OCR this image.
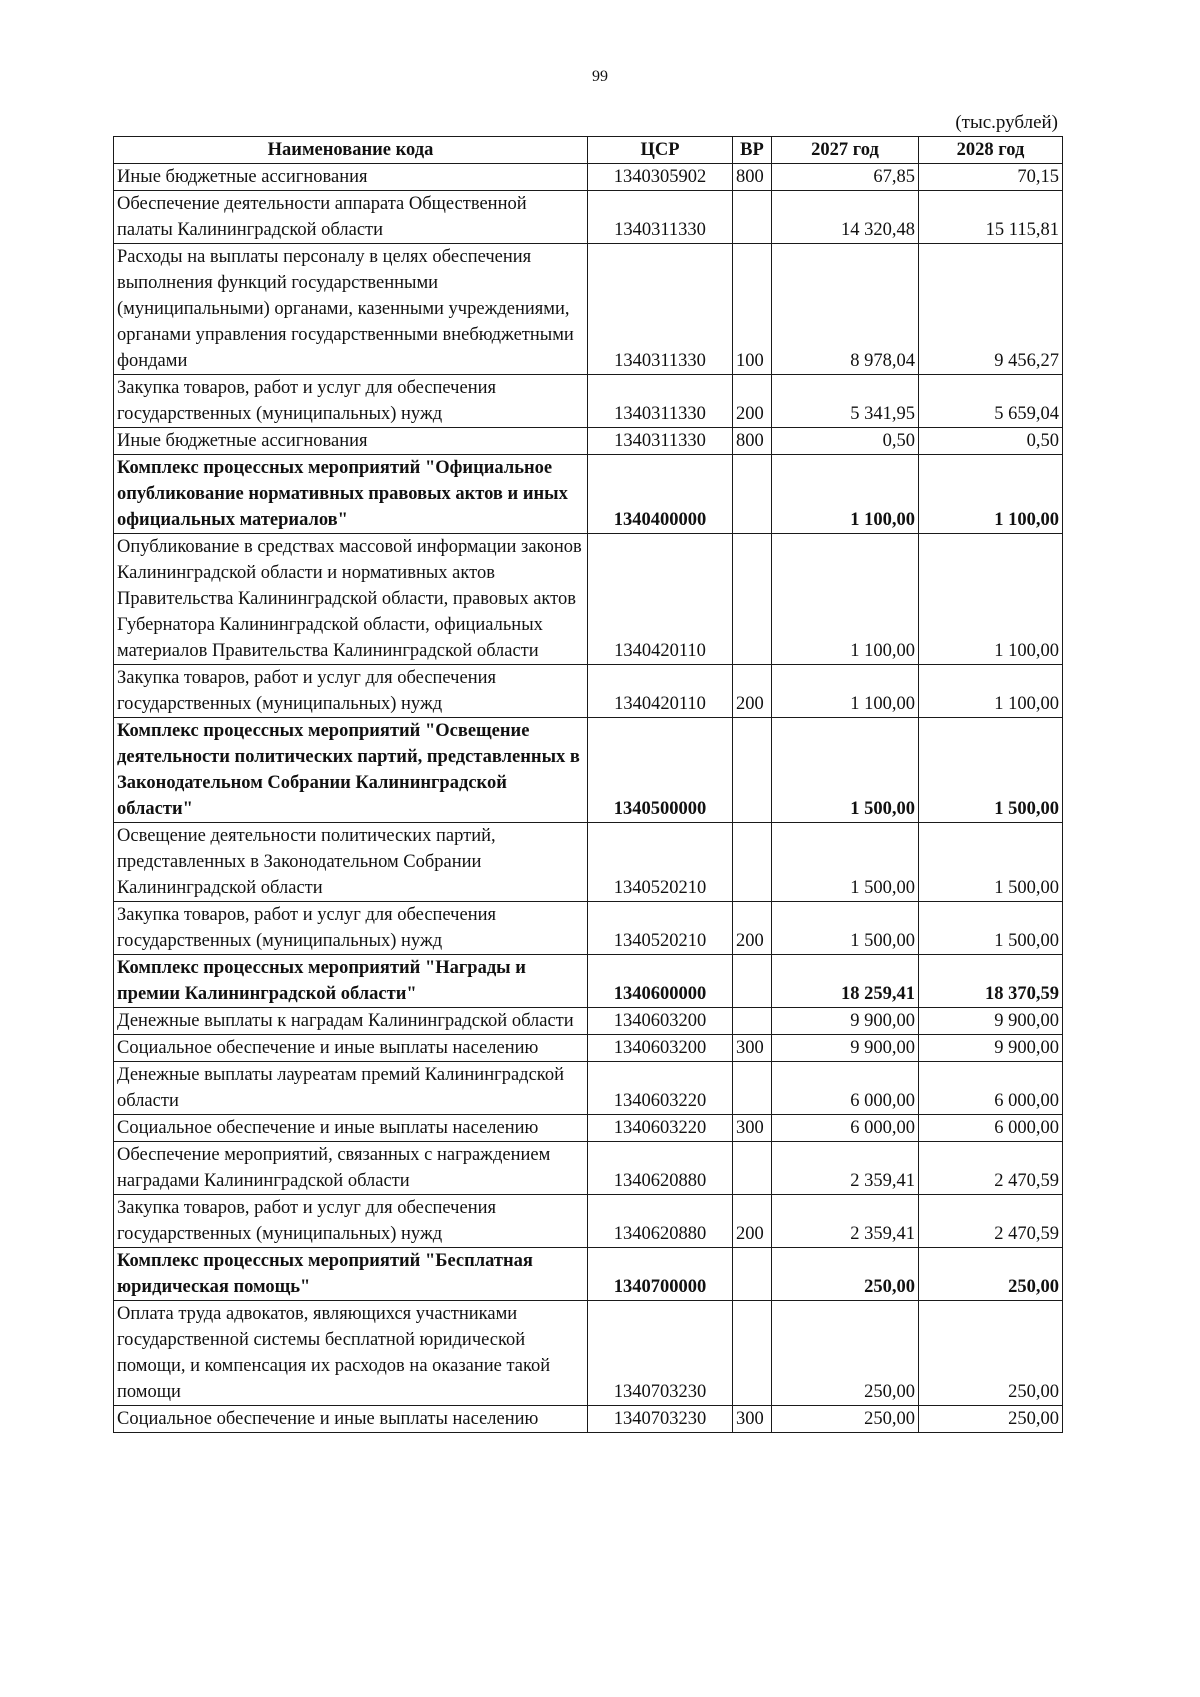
99
(тыс.рублей)
Наименование кода	ЦСР	ВР	2027 год	2028 год
Иные бюджетные ассигнования	1340305902	800	67,85	70,15
Обеспечение деятельности аппарата Общественной палаты Калининградской области	1340311330		14 320,48	15 115,81
Расходы на выплаты персоналу в целях обеспечения выполнения функций государственными (муниципальными) органами, казенными учреждениями, органами управления государственными внебюджетными фондами	1340311330	100	8 978,04	9 456,27
Закупка товаров, работ и услуг для обеспечения государственных (муниципальных) нужд	1340311330	200	5 341,95	5 659,04
Иные бюджетные ассигнования	1340311330	800	0,50	0,50
Комплекс процессных мероприятий "Официальное опубликование нормативных правовых актов и иных официальных материалов"	1340400000		1 100,00	1 100,00
Опубликование в средствах массовой информации законов Калининградской области и нормативных актов Правительства Калининградской области, правовых актов Губернатора Калининградской области, официальных материалов Правительства Калининградской области	1340420110		1 100,00	1 100,00
Закупка товаров, работ и услуг для обеспечения государственных (муниципальных) нужд	1340420110	200	1 100,00	1 100,00
Комплекс процессных мероприятий "Освещение деятельности политических партий, представленных в Законодательном Собрании Калининградской области"	1340500000		1 500,00	1 500,00
Освещение деятельности политических партий, представленных в Законодательном Собрании Калининградской области	1340520210		1 500,00	1 500,00
Закупка товаров, работ и услуг для обеспечения государственных (муниципальных) нужд	1340520210	200	1 500,00	1 500,00
Комплекс процессных мероприятий "Награды и премии Калининградской области"	1340600000		18 259,41	18 370,59
Денежные выплаты к наградам Калининградской области	1340603200		9 900,00	9 900,00
Социальное обеспечение и иные выплаты населению	1340603200	300	9 900,00	9 900,00
Денежные выплаты лауреатам премий Калининградской области	1340603220		6 000,00	6 000,00
Социальное обеспечение и иные выплаты населению	1340603220	300	6 000,00	6 000,00
Обеспечение мероприятий, связанных с награждением наградами Калининградской области	1340620880		2 359,41	2 470,59
Закупка товаров, работ и услуг для обеспечения государственных (муниципальных) нужд	1340620880	200	2 359,41	2 470,59
Комплекс процессных мероприятий "Бесплатная юридическая помощь"	1340700000		250,00	250,00
Оплата труда адвокатов, являющихся участниками государственной системы бесплатной юридической помощи, и компенсация их расходов на оказание такой помощи	1340703230		250,00	250,00
Социальное обеспечение и иные выплаты населению	1340703230	300	250,00	250,00
